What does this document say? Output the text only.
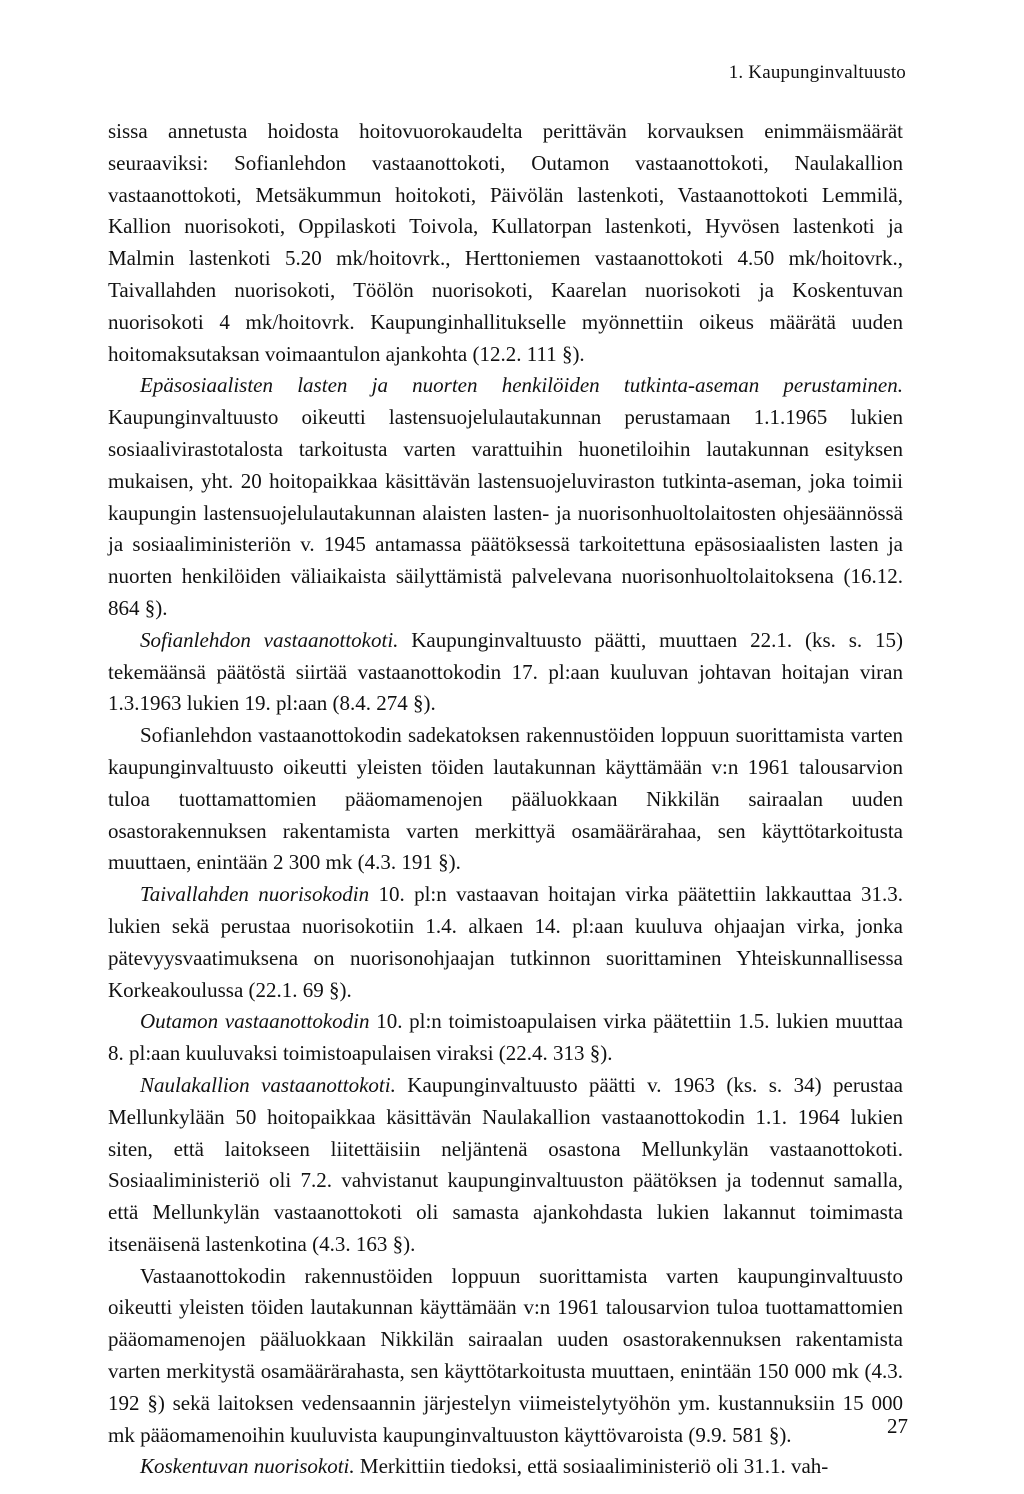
1. Kaupunginvaltuusto

sissa annetusta hoidosta hoitovuorokaudelta perittävän korvauksen enimmäismäärät seuraaviksi: Sofianlehdon vastaanottokoti, Outamon vastaanottokoti, Naulakallion vastaanottokoti, Metsäkummun hoitokoti, Päivölän lastenkoti, Vastaanottokoti Lemmilä, Kallion nuorisokoti, Oppilaskoti Toivola, Kullatorpan lastenkoti, Hyvösen lastenkoti ja Malmin lastenkoti 5.20 mk/hoitovrk., Herttoniemen vastaanottokoti 4.50 mk/hoitovrk., Taivallahden nuorisokoti, Töölön nuorisokoti, Kaarelan nuorisokoti ja Koskentuvan nuorisokoti 4 mk/hoitovrk. Kaupunginhallitukselle myönnettiin oikeus määrätä uuden hoitomaksutaksan voimaantulon ajankohta (12.2. 111 §).

Epäsosiaalisten lasten ja nuorten henkilöiden tutkinta-aseman perustaminen. Kaupunginvaltuusto oikeutti lastensuojelulautakunnan perustamaan 1.1.1965 lukien sosiaalivirastotalosta tarkoitusta varten varattuihin huonetiloihin lautakunnan esityksen mukaisen, yht. 20 hoitopaikkaa käsittävän lastensuojeluviraston tutkinta-aseman, joka toimii kaupungin lastensuojelulautakunnan alaisten lasten- ja nuorisonhuoltolaitosten ohjesäännössä ja sosiaaliministeriön v. 1945 antamassa päätöksessä tarkoitettuna epäsosiaalisten lasten ja nuorten henkilöiden väliaikaista säilyttämistä palvelevana nuorisonhuoltolaitoksena (16.12. 864 §).

Sofianlehdon vastaanottokoti. Kaupunginvaltuusto päätti, muuttaen 22.1. (ks. s. 15) tekemäänsä päätöstä siirtää vastaanottokodin 17. pl:aan kuuluvan johtavan hoitajan viran 1.3.1963 lukien 19. pl:aan (8.4. 274 §).

Sofianlehdon vastaanottokodin sadekatoksen rakennustöiden loppuun suorittamista varten kaupunginvaltuusto oikeutti yleisten töiden lautakunnan käyttämään v:n 1961 talousarvion tuloa tuottamattomien pääomamenojen pääluokkaan Nikkilän sairaalan uuden osastorakennuksen rakentamista varten merkittyä osamäärärahaa, sen käyttötarkoitusta muuttaen, enintään 2 300 mk (4.3. 191 §).

Taivallahden nuorisokodin 10. pl:n vastaavan hoitajan virka päätettiin lakkauttaa 31.3. lukien sekä perustaa nuorisokotiin 1.4. alkaen 14. pl:aan kuuluva ohjaajan virka, jonka pätevyysvaatimuksena on nuorisonohjaajan tutkinnon suorittaminen Yhteiskunnallisessa Korkeakoulussa (22.1. 69 §).

Outamon vastaanottokodin 10. pl:n toimistoapulaisen virka päätettiin 1.5. lukien muuttaa 8. pl:aan kuuluvaksi toimistoapulaisen viraksi (22.4. 313 §).

Naulakallion vastaanottokoti. Kaupunginvaltuusto päätti v. 1963 (ks. s. 34) perustaa Mellunkylään 50 hoitopaikkaa käsittävän Naulakallion vastaanottokodin 1.1. 1964 lukien siten, että laitokseen liitettäisiin neljäntenä osastona Mellunkylän vastaanottokoti. Sosiaaliministeriö oli 7.2. vahvistanut kaupunginvaltuuston päätöksen ja todennut samalla, että Mellunkylän vastaanottokoti oli samasta ajankohdasta lukien lakannut toimimasta itsenäisenä lastenkotina (4.3. 163 §).

Vastaanottokodin rakennustöiden loppuun suorittamista varten kaupunginvaltuusto oikeutti yleisten töiden lautakunnan käyttämään v:n 1961 talousarvion tuloa tuottamattomien pääomamenojen pääluokkaan Nikkilän sairaalan uuden osastorakennuksen rakentamista varten merkitystä osamäärärahasta, sen käyttötarkoitusta muuttaen, enintään 150 000 mk (4.3. 192 §) sekä laitoksen vedensaannin järjestelyn viimeistelytyöhön ym. kustannuksiin 15 000 mk pääomamenoihin kuuluvista kaupunginvaltuuston käyttövaroista (9.9. 581 §).

Koskentuvan nuorisokoti. Merkittiin tiedoksi, että sosiaaliministeriö oli 31.1. vah-

27
